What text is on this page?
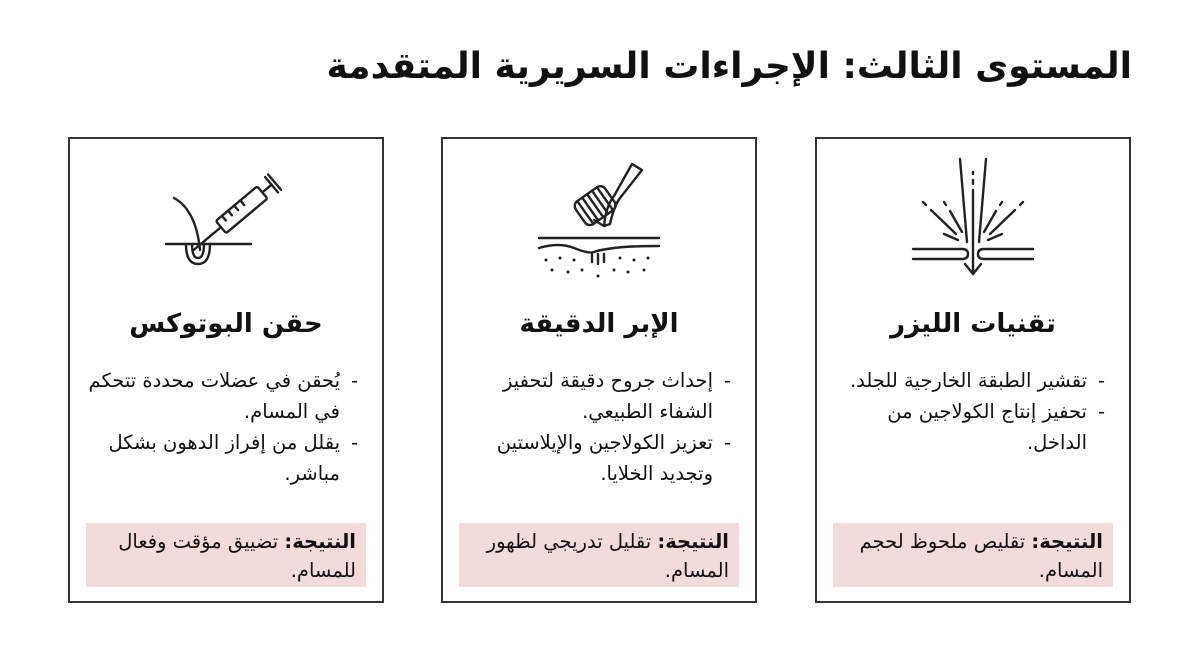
المستوى الثالث: الإجراءات السريرية المتقدمة
تقنيات الليزر
-تقشير الطبقة الخارجية للجلد.
-تحفيز إنتاج الكولاجين من الداخل.
النتيجة: تقليص ملحوظ لحجم المسام.
الإبر الدقيقة
-إحداث جروح دقيقة لتحفيز الشفاء الطبيعي.
-تعزيز الكولاجين والإيلاستين وتجديد الخلايا.
النتيجة: تقليل تدريجي لظهور المسام.
حقن البوتوكس
-يُحقن في عضلات محددة تتحكم في المسام.
-يقلل من إفراز الدهون بشكل مباشر.
النتيجة: تضييق مؤقت وفعال للمسام.
